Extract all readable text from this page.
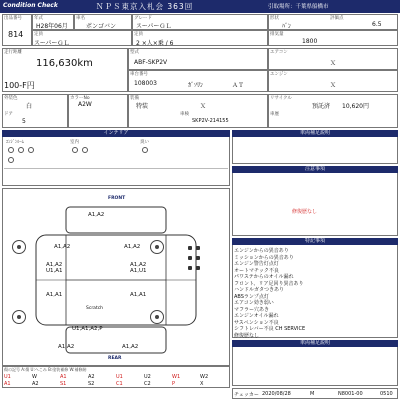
Condition Check	ＮＰＳ東京入札会 363回	引取場所：千葉県船橋市
出品番号
814
年式
H28年06月
車名
ボンゴバン
グレード
スーパーＧＬ
形状
ﾊﾞﾝ
評価点
6.5
定員
スーパーＧＬ
定員
2 ×人×乗 / 6
排気量
1800
走行距離
116,630km
100-F円
型式
ABF-SKP2V
車台番号
108003	ｶﾞｿﾘﾝ	ＡＴ
エアコン
Ｘ
エンジン
Ｘ
外装色
白
ドア
5
カラーNo
A2W
装備
特装	Ｘ
車検
SKP2V-214155
リサイクル
預託済 10,620円
車歴
インテリア
ｴﾝｼﾞﾝﾙｰﾑ	室内	臭い
車両補足説明
注意事項
修復歴なし
FRONT
REAR
A1,A2
A1,A2	A1,A2
A1,A2
U1,A1
A1,A2
A1,U1
A1,A1	A1,A1
Scratch
U1,A1,A2,P
A1,A2	A1,A2
特記事項
エンジンからの異音あり
ミッションからの異音あり
エンジン警告灯点灯
オートマチック不良
パワステからのオイル漏れ
フロント、リア足回り異音あり
ハンドルガタつきあり
ABSランプ点灯
エアコン効き弱い
マフラー穴あき
エンジンオイル漏れ
サスペンション不良
シフトレバー不良 CH SERVICE
修復歴なし
傷の記号 A:傷 U:へこみ B:塗装補修 W:補修跡
U1	W	A1	A2	U1	U2	W1	W2
A1	A2	S1	S2	C1	C2	P	X
車両補足説明
チェッカー 2020/08/28	M	N8001-00	0510
